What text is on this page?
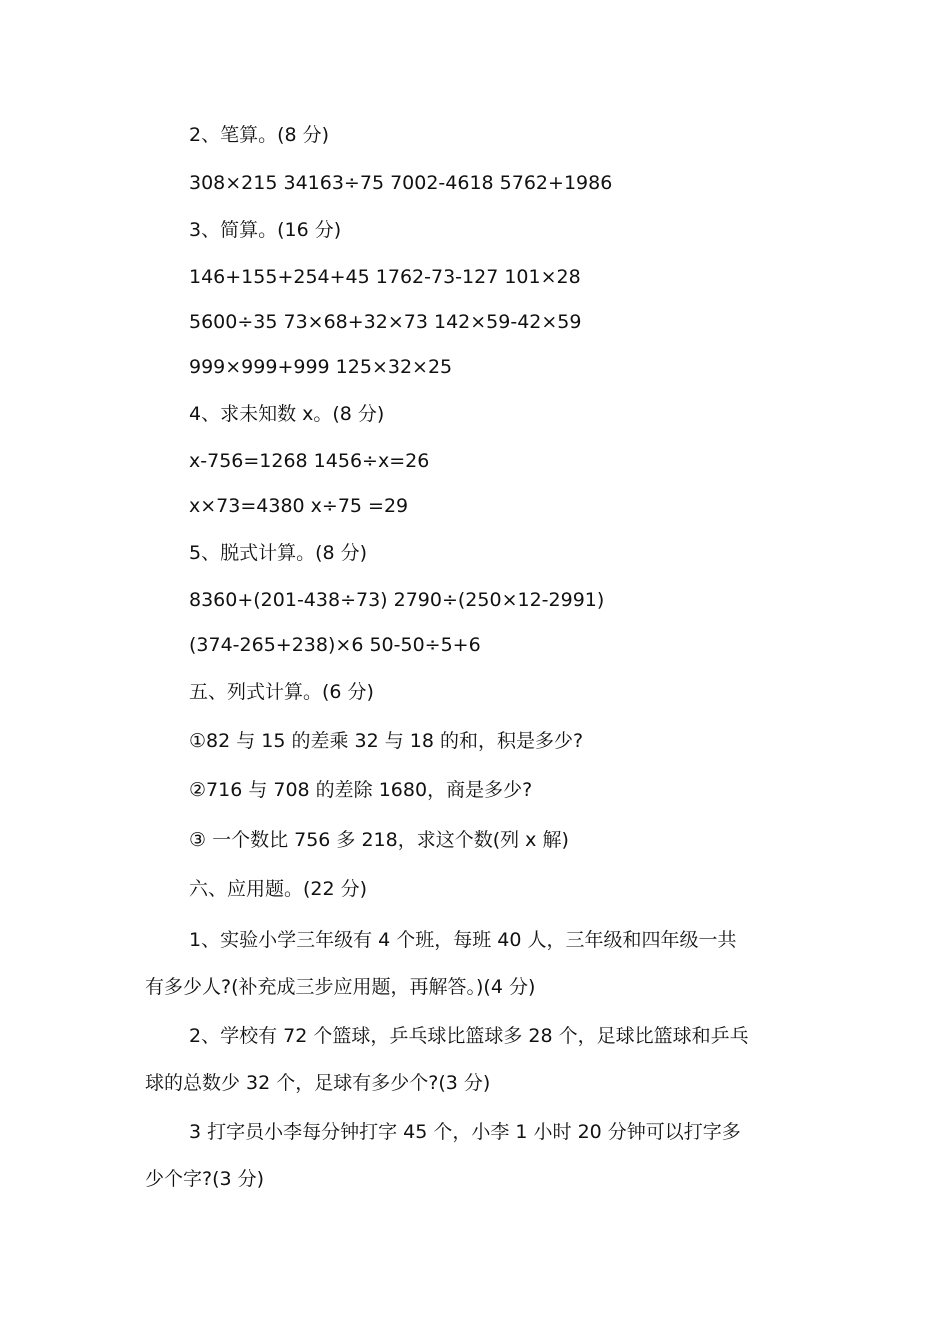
2、笔算。(8 分)
308×215 34163÷75 7002-4618 5762+1986
3、简算。(16 分)
146+155+254+45 1762-73-127 101×28
5600÷35 73×68+32×73 142×59-42×59
999×999+999 125×32×25
4、求未知数 x。(8 分)
x-756=1268 1456÷x=26
x×73=4380 x÷75 =29
5、脱式计算。(8 分)
8360+(201-438÷73) 2790÷(250×12-2991)
(374-265+238)×6 50-50÷5+6
五、列式计算。(6 分)
①82 与 15 的差乘 32 与 18 的和，积是多少?
②716 与 708 的差除 1680，商是多少?
③ 一个数比 756 多 218，求这个数(列 x 解)
六、应用题。(22 分)
1、实验小学三年级有 4 个班，每班 40 人，三年级和四年级一共
有多少人?(补充成三步应用题，再解答。)(4 分)
2、学校有 72 个篮球，乒乓球比篮球多 28 个，足球比篮球和乒乓
球的总数少 32 个，足球有多少个?(3 分)
3 打字员小李每分钟打字 45 个，小李 1 小时 20 分钟可以打字多
少个字?(3 分)
